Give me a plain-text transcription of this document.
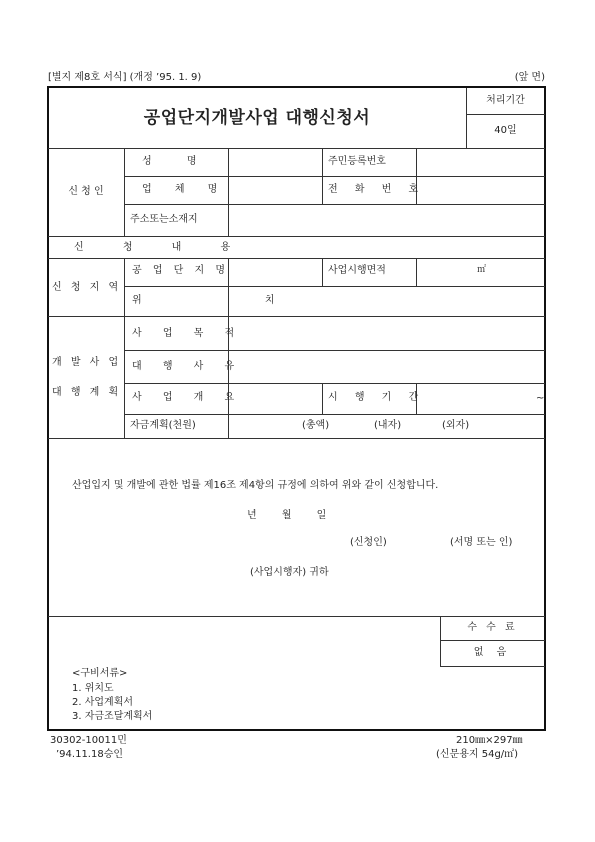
[별지 제8호 서식] (개정 ’95. 1. 9)	(앞 면)
공업단지개발사업 대행신청서
처리기간
40일
신 청 인
성 명	주민등록번호
업 체 명	전 화 번 호
주소또는소재지
신 청 내 용
신 청 지 역
공 업 단 지 명	사업시행면적	㎡
위 치
개 발 사 업
대 행 계 획
사 업 목 적
대 행 사 유
사 업 개 요	시 행 기 간	~
자금계획(천원)	(총액)	(내자)	(외자)
산업입지 및 개발에 관한 법률 제16조 제4항의 규정에 의하여 위와 같이 신청합니다.
년 월 일
(신청인)	(서명 또는 인)
(사업시행자) 귀하
수 수 료
없 음
<구비서류>
1. 위치도
2. 사업계획서
3. 자금조달계획서
30302-10011민
’94.11.18승인
210㎜×297㎜
(신문용지 54g/㎡)
